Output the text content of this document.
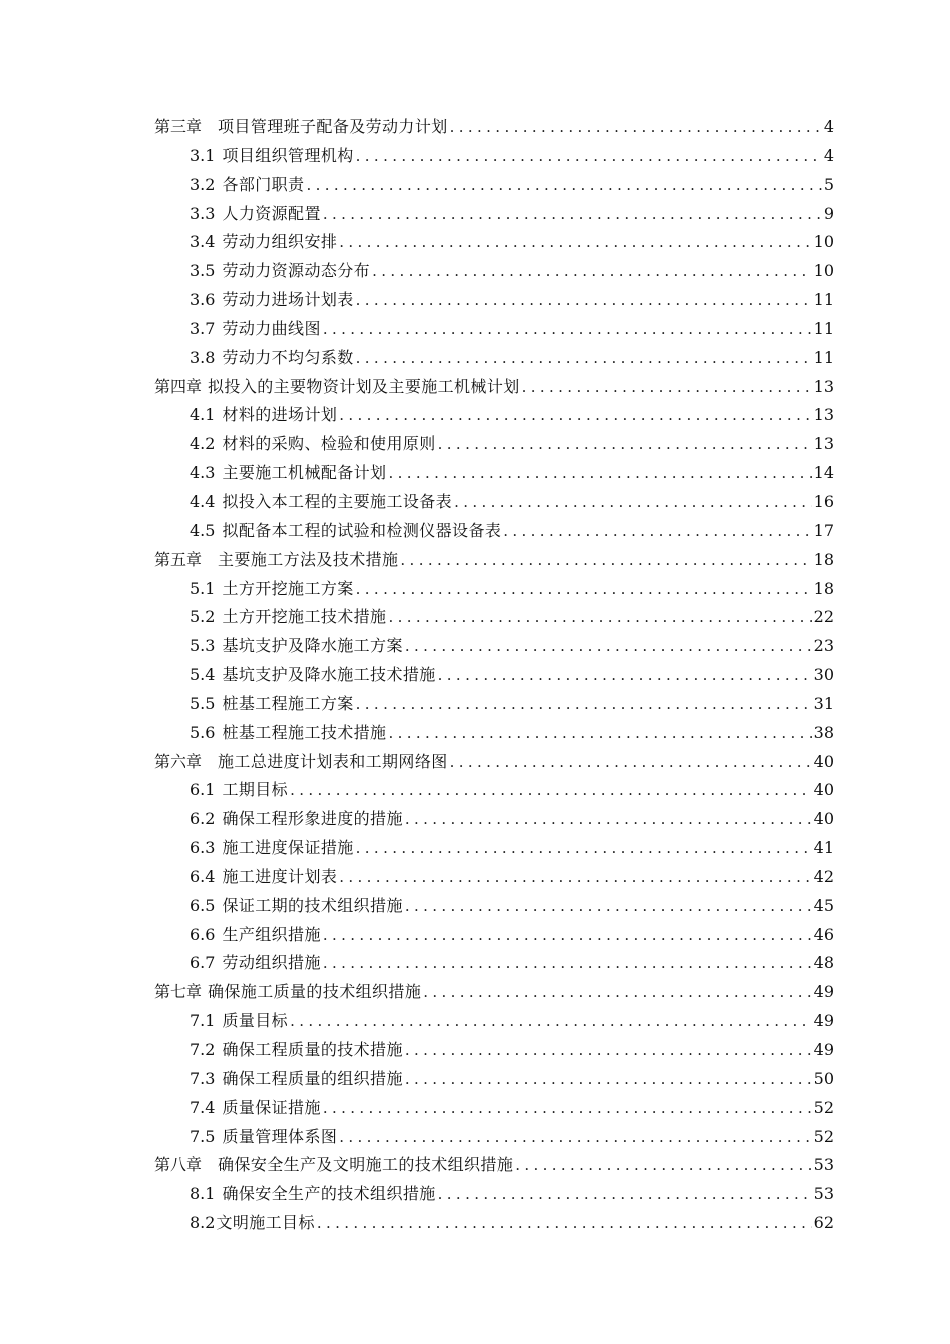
第三章 项目管理班子配备及劳动力计划 . . .	4
3.1 项目组织管理机构 . . .	4
3.2 各部门职责 . . .	5
3.3 人力资源配置 . . .	9
3.4 劳动力组织安排 . . .	10
3.5 劳动力资源动态分布 . . .	10
3.6 劳动力进场计划表 . . .	11
3.7 劳动力曲线图 . . .	11
3.8 劳动力不均匀系数 . . .	11
第四章 拟投入的主要物资计划及主要施工机械计划 . . .	13
4.1 材料的进场计划 . . .	13
4.2 材料的采购、检验和使用原则 . . .	13
4.3 主要施工机械配备计划 . . .	14
4.4 拟投入本工程的主要施工设备表 . . .	16
4.5 拟配备本工程的试验和检测仪器设备表 . . .	17
第五章 主要施工方法及技术措施 . . .	18
5.1 土方开挖施工方案 . . .	18
5.2 土方开挖施工技术措施 . . .	22
5.3 基坑支护及降水施工方案 . . .	23
5.4 基坑支护及降水施工技术措施 . . .	30
5.5 桩基工程施工方案 . . .	31
5.6 桩基工程施工技术措施 . . .	38
第六章 施工总进度计划表和工期网络图 . . .	40
6.1 工期目标 . . .	40
6.2 确保工程形象进度的措施 . . .	40
6.3 施工进度保证措施 . . .	41
6.4 施工进度计划表 . . .	42
6.5 保证工期的技术组织措施 . . .	45
6.6 生产组织措施 . . .	46
6.7 劳动组织措施 . . .	48
第七章 确保施工质量的技术组织措施 . . .	49
7.1 质量目标 . . .	49
7.2 确保工程质量的技术措施 . . .	49
7.3 确保工程质量的组织措施 . . .	50
7.4 质量保证措施 . . .	52
7.5 质量管理体系图 . . .	52
第八章 确保安全生产及文明施工的技术组织措施 . . .	53
8.1 确保安全生产的技术组织措施 . . .	53
8.2文明施工目标 . . .	62
